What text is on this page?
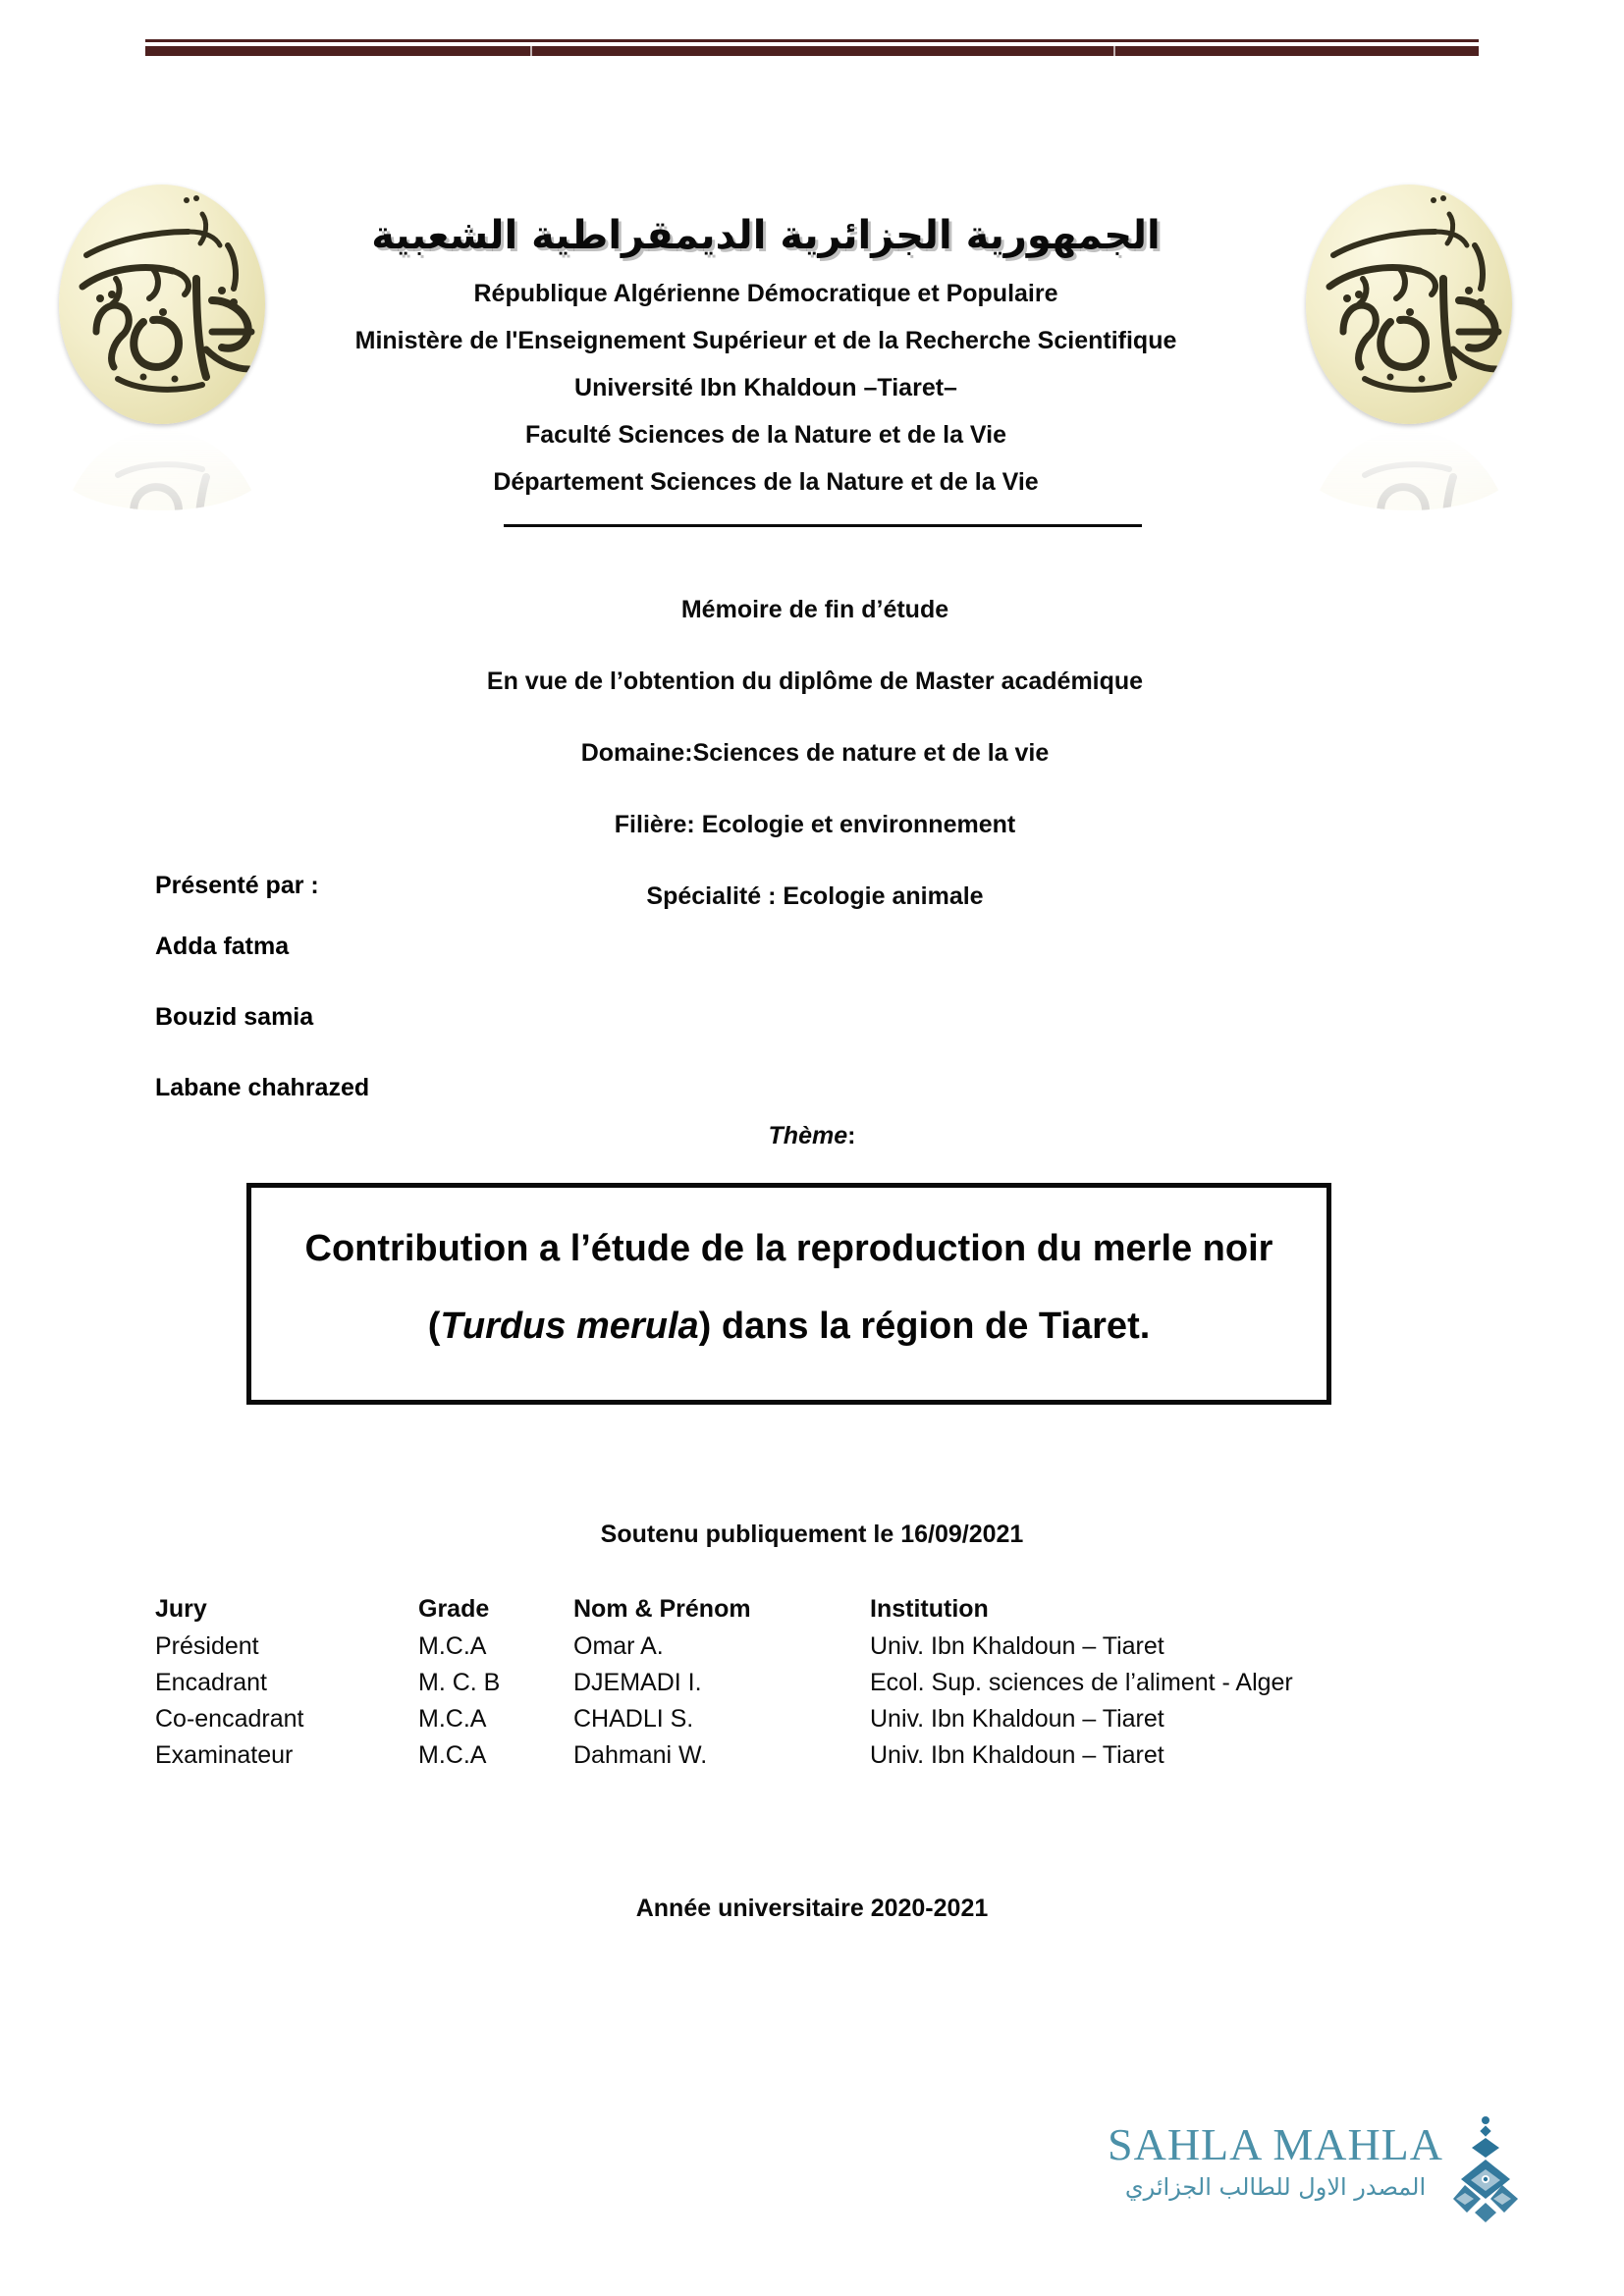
الجمهورية الجزائرية الديمقراطية الشعبية
République Algérienne Démocratique et Populaire
Ministère de l'Enseignement Supérieur et de la Recherche Scientifique
Université Ibn Khaldoun –Tiaret–
Faculté Sciences de la Nature et de la Vie
Département Sciences de la Nature et de la Vie
Mémoire de fin d’étude
En vue de l’obtention du diplôme de Master académique
Domaine:Sciences de nature et de la vie
Filière: Ecologie et environnement
Spécialité : Ecologie animale
Présenté par :
Adda fatma
Bouzid samia
Labane chahrazed
Thème:
Contribution a l’étude de la reproduction du merle noir (Turdus merula) dans la région de Tiaret.
Soutenu publiquement le 16/09/2021
Jury	Grade	Nom & Prénom	Institution
Président	M.C.A	Omar A.	Univ. Ibn Khaldoun – Tiaret
Encadrant	M. C. B	DJEMADI I.	Ecol. Sup. sciences de l’aliment - Alger
Co-encadrant	M.C.A	CHADLI S.	Univ. Ibn Khaldoun – Tiaret
Examinateur	M.C.A	Dahmani W.	Univ. Ibn Khaldoun – Tiaret
Année universitaire 2020-2021
SAHLA MAHLA
المصدر الاول للطالب الجزائري
